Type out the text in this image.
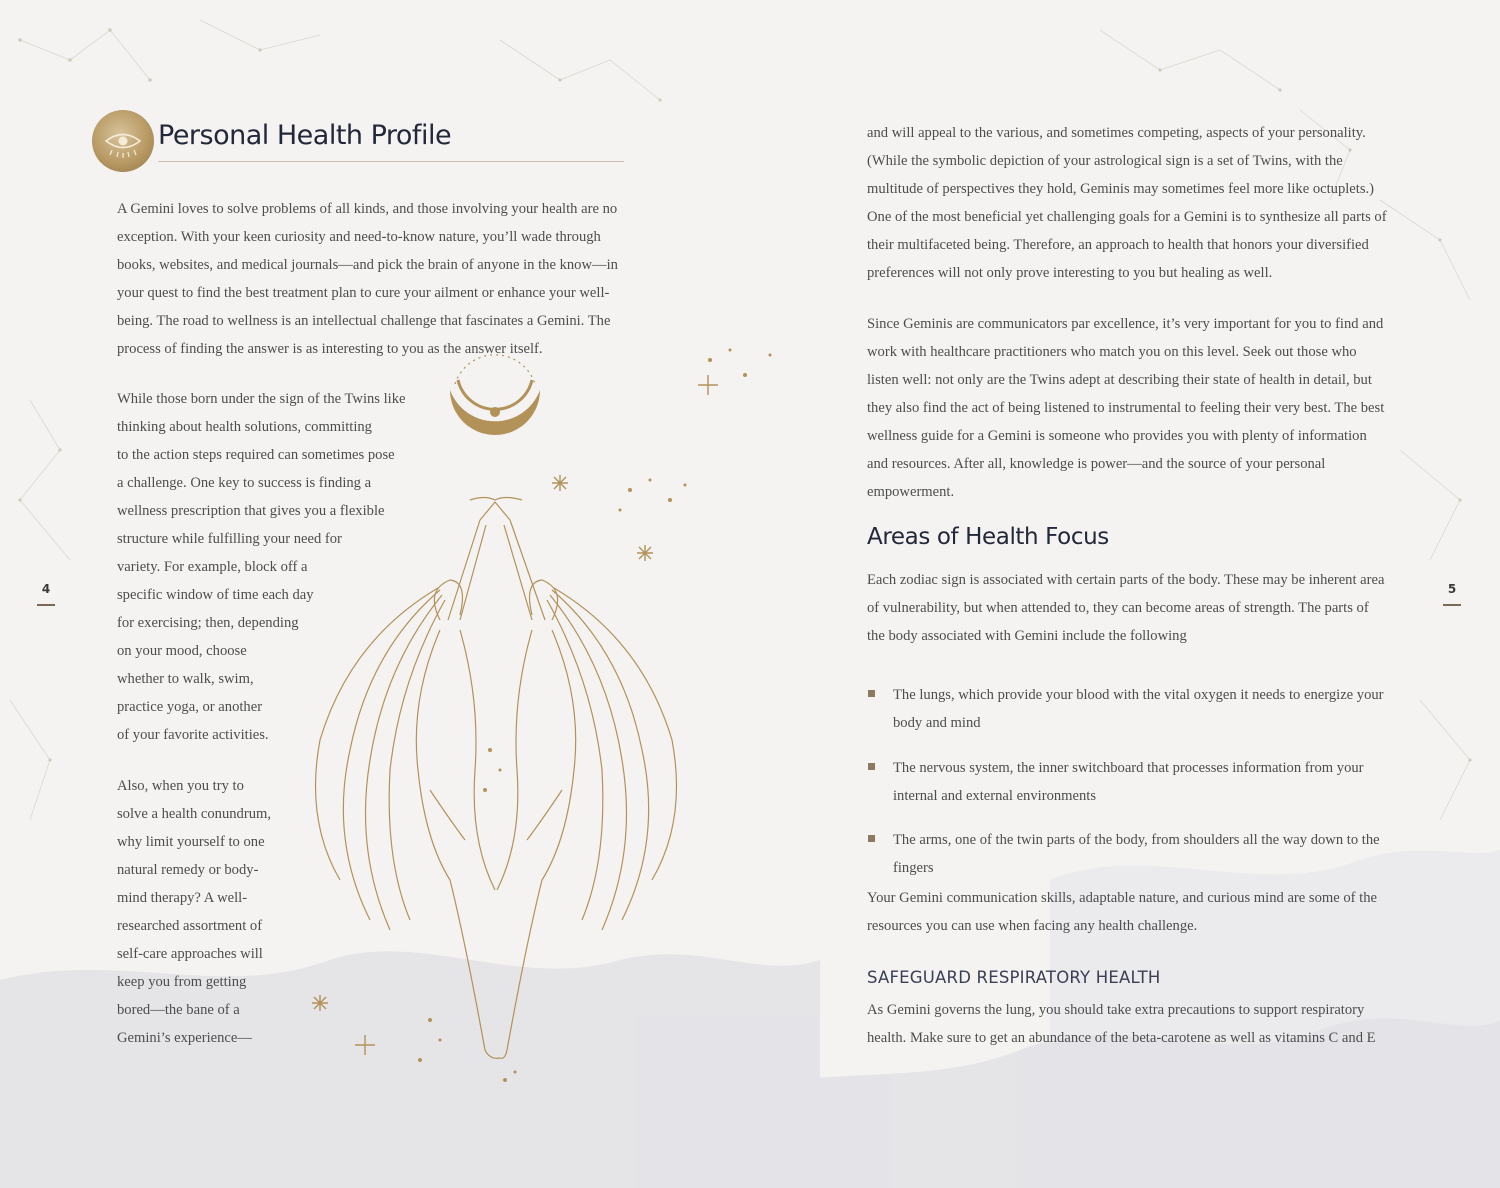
Personal Health Profile

A Gemini loves to solve problems of all kinds, and those involving your health are no exception. With your keen curiosity and need-to-know nature, you’ll wade through books, websites, and medical journals—and pick the brain of anyone in the know—in your quest to find the best treatment plan to cure your ailment or enhance your well-being. The road to wellness is an intellectual challenge that fascinates a Gemini. The process of finding the answer is as interesting to you as the answer itself.

While those born under the sign of the Twins like
thinking about health solutions, committing
to the action steps required can sometimes pose
a challenge. One key to success is finding a
wellness prescription that gives you a flexible
structure while fulfilling your need for
variety. For example, block off a
specific window of time each day
for exercising; then, depending
on your mood, choose
whether to walk, swim,
practice yoga, or another
of your favorite activities.
Also, when you try to
solve a health conundrum,
why limit yourself to one
natural remedy or body-
mind therapy? A well-
researched assortment of
self-care approaches will
keep you from getting
bored—the bane of a
Gemini’s experience—
4

and will appeal to the various, and sometimes competing, aspects of your personality. (While the symbolic depiction of your astrological sign is a set of Twins, with the multitude of perspectives they hold, Geminis may sometimes feel more like octuplets.) One of the most beneficial yet challenging goals for a Gemini is to synthesize all parts of their multifaceted being. Therefore, an approach to health that honors your diversified preferences will not only prove interesting to you but healing as well.

Since Geminis are communicators par excellence, it’s very important for you to find and work with healthcare practitioners who match you on this level. Seek out those who listen well: not only are the Twins adept at describing their state of health in detail, but they also find the act of being listened to instrumental to feeling their very best. The best wellness guide for a Gemini is someone who provides you with plenty of information and resources. After all, knowledge is power—and the source of your personal empowerment.

Areas of Health Focus

Each zodiac sign is associated with certain parts of the body. These may be inherent area of vulnerability, but when attended to, they can become areas of strength. The parts of the body associated with Gemini include the following

The lungs, which provide your blood with the vital oxygen it needs to energize your body and mind

The nervous system, the inner switchboard that processes information from your internal and external environments

The arms, one of the twin parts of the body, from shoulders all the way down to the fingers

Your Gemini communication skills, adaptable nature, and curious mind are some of the resources you can use when facing any health challenge.

SAFEGUARD RESPIRATORY HEALTH

As Gemini governs the lung, you should take extra precautions to support respiratory health. Make sure to get an abundance of the beta-carotene as well as vitamins C and E

5
